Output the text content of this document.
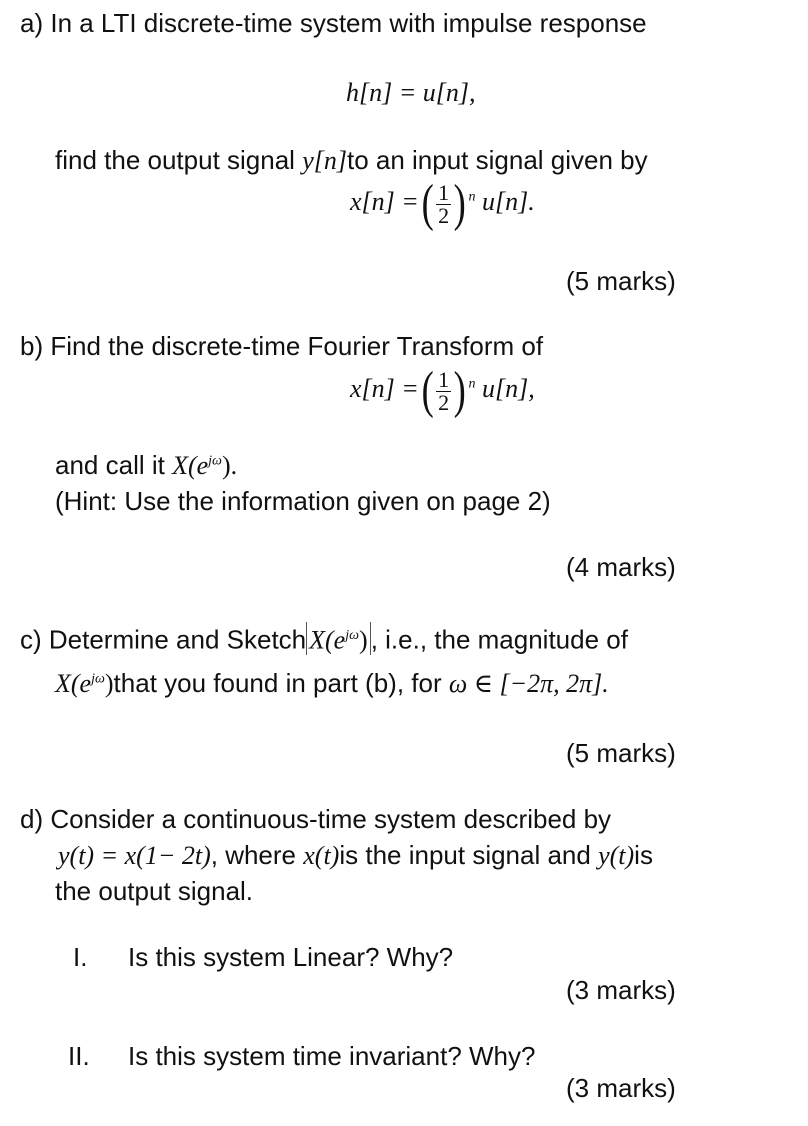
a) In a LTI discrete-time system with impulse response
h[n] = u[n],
find the output signal y[n]to an input signal given by
x[n] =( $\frac{1}{2}$ ) $^n$ u[n].
(5 marks)
b) Find the discrete-time Fourier Transform of
x[n] =( $\frac{1}{2}$ ) $^n$ u[n],
and call it $X(e^{j\omega})$.
(Hint: Use the information given on page 2)
(4 marks)
c) Determine and Sketch $X(e^{j\omega})$ , i.e., the magnitude of
$X(e^{j\omega})that$ you found in part (b), for ω ∈ [−2π, 2π].
(5 marks)
d) Consider a continuous-time system described by
y(t) = x(1− 2t), where x(t)is the input signal and y(t)is
the output signal.
I. Is this system Linear? Why?
(3 marks)
II. Is this system time invariant? Why?
(3 marks)
